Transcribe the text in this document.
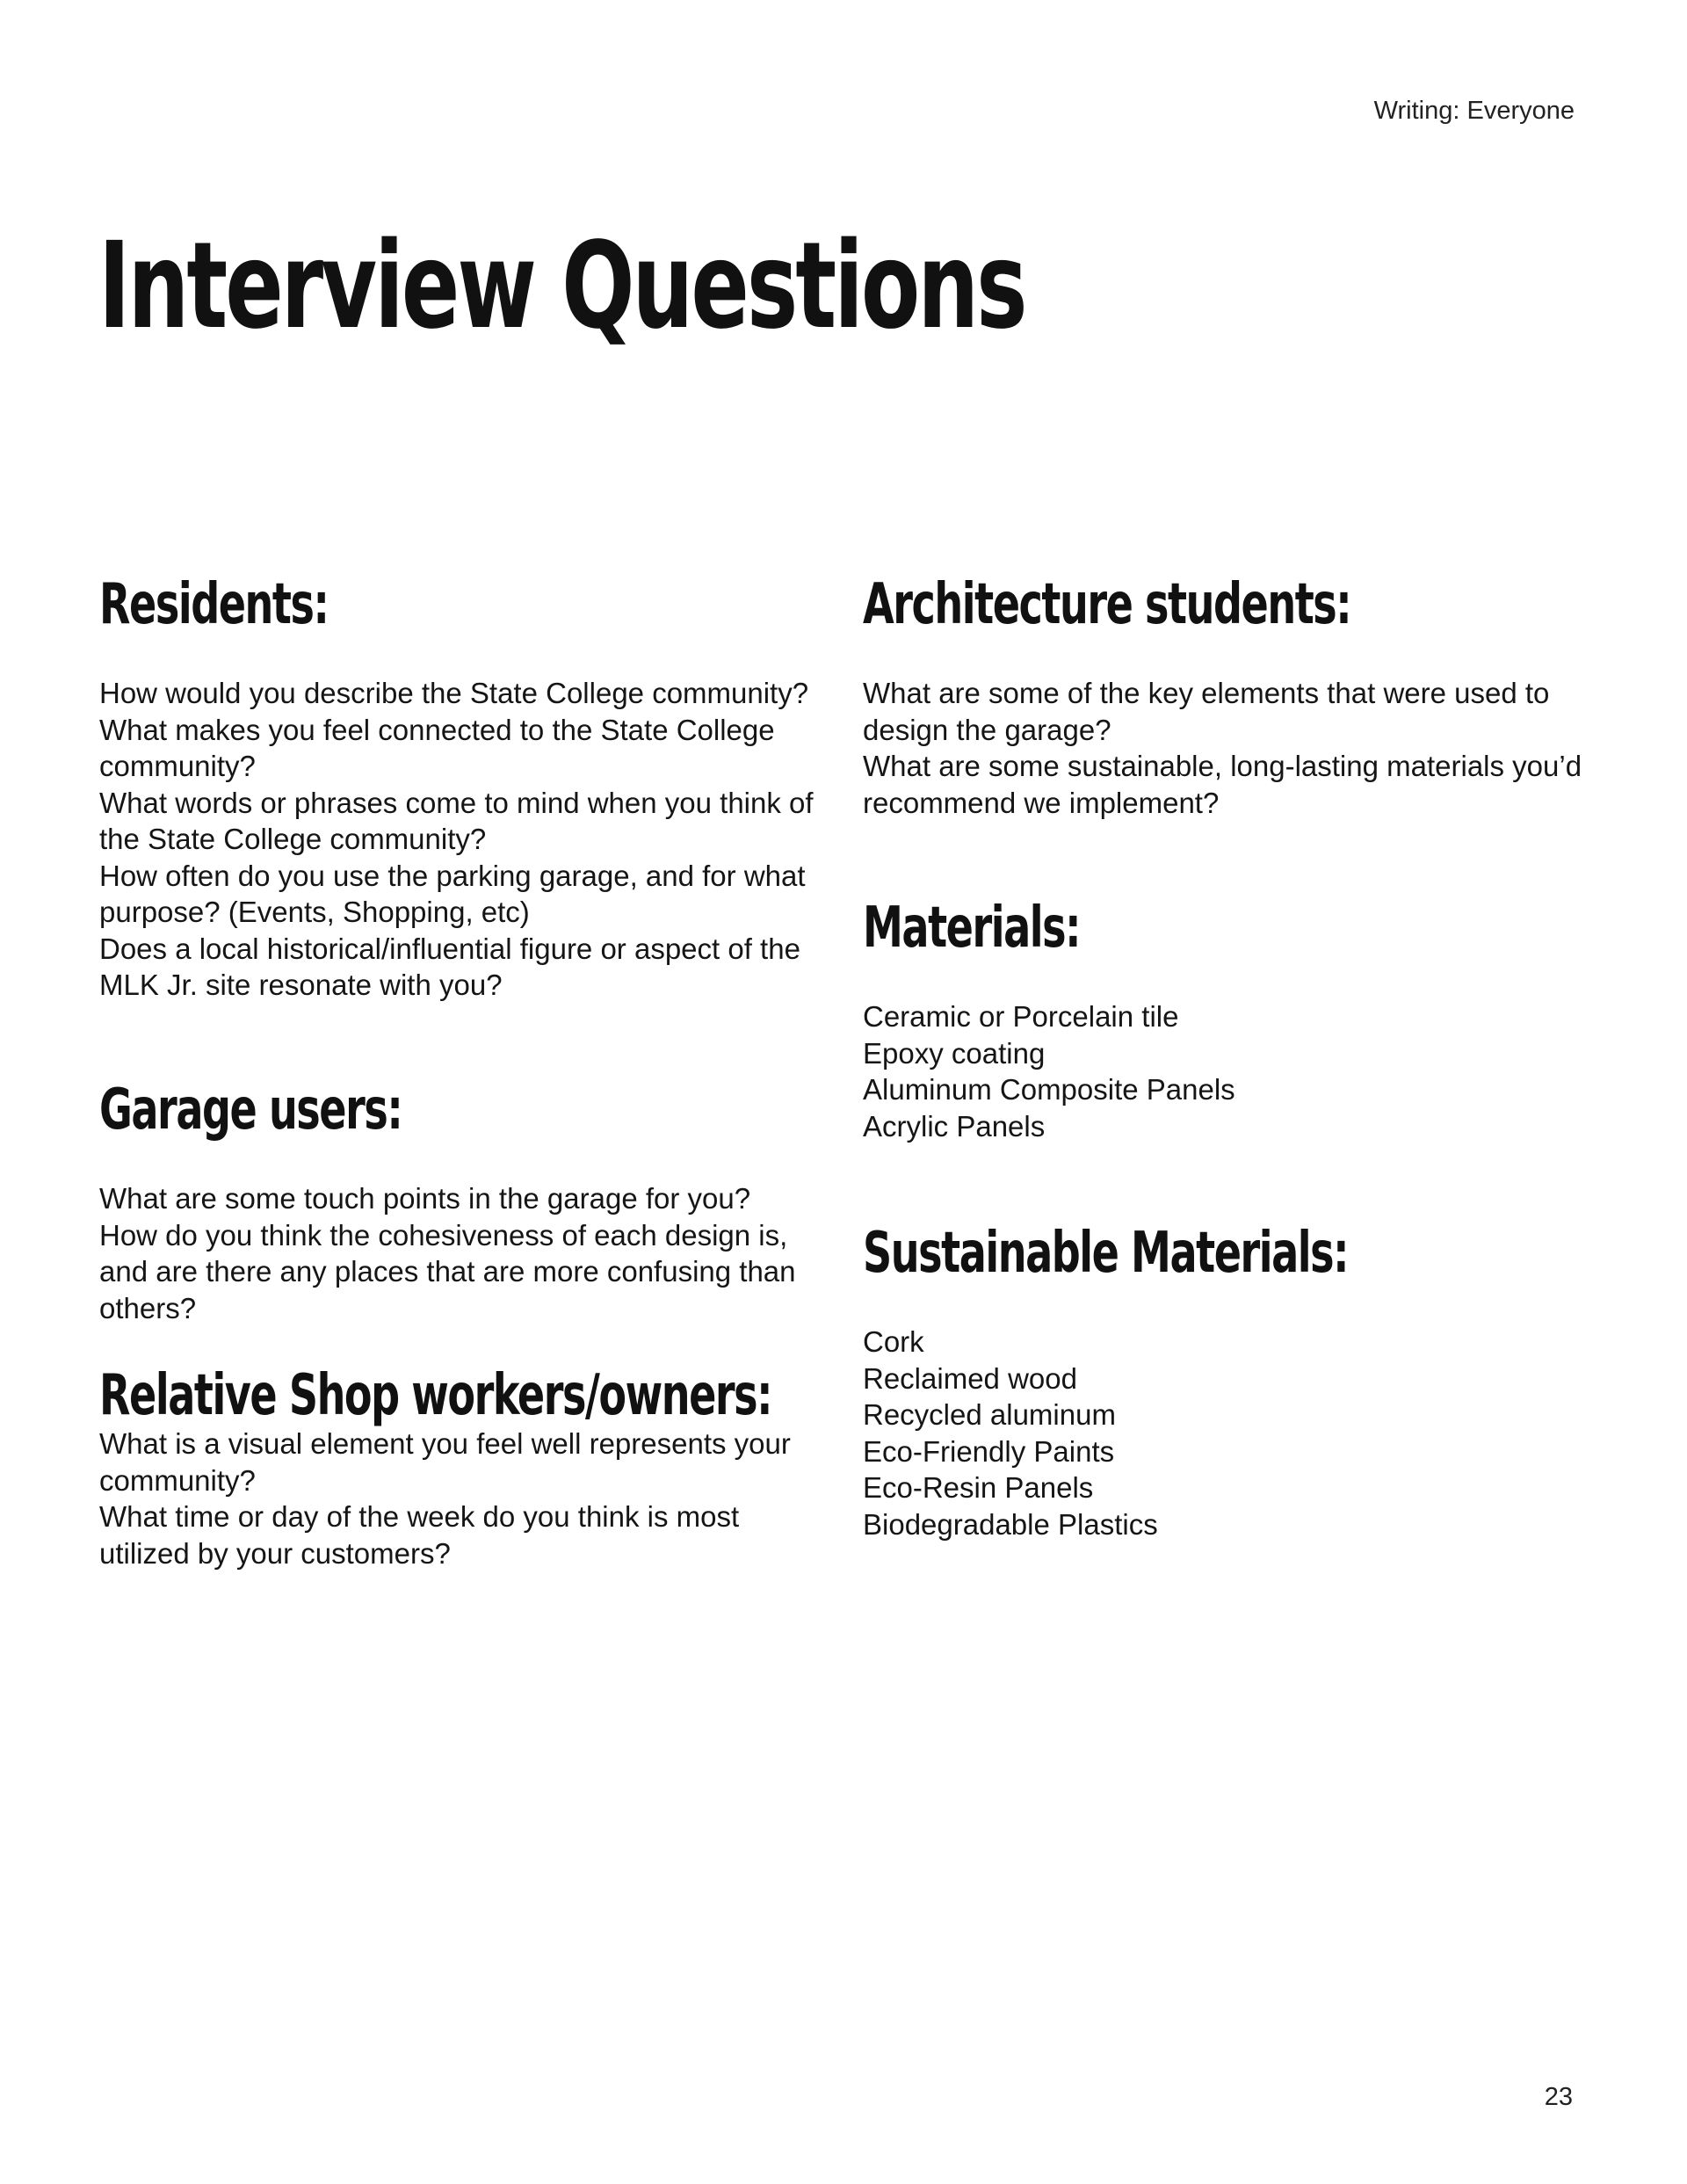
Writing: Everyone
Interview Questions
Residents:
How would you describe the State College community?
What makes you feel connected to the State College
community?
What words or phrases come to mind when you think of
the State College community?
How often do you use the parking garage, and for what
purpose? (Events, Shopping, etc)
Does a local historical/influential figure or aspect of the
MLK Jr. site resonate with you?
Garage users:
What are some touch points in the garage for you?
How do you think the cohesiveness of each design is,
and are there any places that are more confusing than
others?
Relative Shop workers/owners:
What is a visual element you feel well represents your
community?
What time or day of the week do you think is most
utilized by your customers?
Architecture students:
What are some of the key elements that were used to
design the garage?
What are some sustainable, long-lasting materials you’d
recommend we implement?
Materials:
Ceramic or Porcelain tile
Epoxy coating
Aluminum Composite Panels
Acrylic Panels
Sustainable Materials:
Cork
Reclaimed wood
Recycled aluminum
Eco-Friendly Paints
Eco-Resin Panels
Biodegradable Plastics
23
